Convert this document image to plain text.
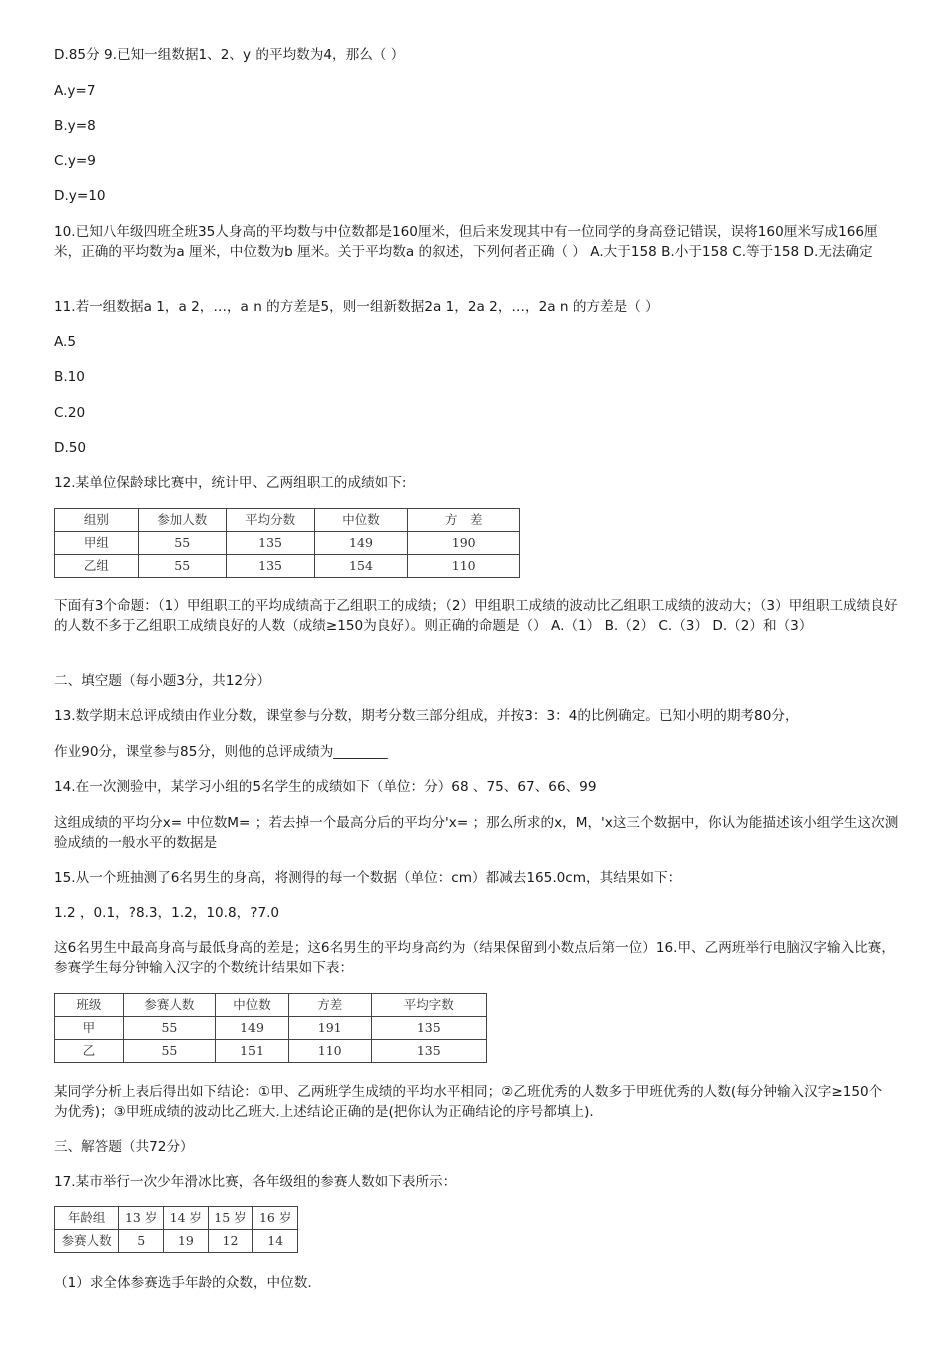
D.85分 9.已知一组数据1、2、y 的平均数为4，那么（ ）

A.y=7

B.y=8

C.y=9

D.y=10

10.已知八年级四班全班35人身高的平均数与中位数都是160厘米，但后来发现其中有一位同学的身高登记错误，误将160厘米写成166厘米，正确的平均数为a 厘米，中位数为b 厘米。关于平均数a 的叙述，下列何者正确（ ） A.大于158 B.小于158 C.等于158 D.无法确定

11.若一组数据a 1，a 2，…，a n 的方差是5，则一组新数据2a 1，2a 2，…，2a n 的方差是（ ）

A.5

B.10

C.20

D.50

12.某单位保龄球比赛中，统计甲、乙两组职工的成绩如下:

组别	参加人数	平均分数	中位数	方　差
甲组	55	135	149	190
乙组	55	135	154	110

下面有3个命题：（1）甲组职工的平均成绩高于乙组职工的成绩；（2）甲组职工成绩的波动比乙组职工成绩的波动大；（3）甲组职工成绩良好的人数不多于乙组职工成绩良好的人数（成绩≥150为良好）。则正确的命题是（） A.（1） B.（2） C.（3） D.（2）和（3）

二、填空题（每小题3分，共12分）

13.数学期末总评成绩由作业分数，课堂参与分数，期考分数三部分组成，并按3：3：4的比例确定。已知小明的期考80分，

作业90分，课堂参与85分，则他的总评成绩为________

14.在一次测验中，某学习小组的5名学生的成绩如下（单位：分）68 、75、67、66、99

这组成绩的平均分x= 中位数M= ；若去掉一个最高分后的平均分'x= ；那么所求的x，M，'x这三个数据中，你认为能描述该小组学生这次测验成绩的一般水平的数据是

15.从一个班抽测了6名男生的身高，将测得的每一个数据（单位：cm）都减去165.0cm，其结果如下：

1.2 ，0.1，?8.3，1.2，10.8，?7.0

这6名男生中最高身高与最低身高的差是；这6名男生的平均身高约为（结果保留到小数点后第一位）16.甲、乙两班举行电脑汉字输入比赛，参赛学生每分钟输入汉字的个数统计结果如下表：

班级	参赛人数	中位数	方差	平均字数
甲	55	149	191	135
乙	55	151	110	135

某同学分析上表后得出如下结论：①甲、乙两班学生成绩的平均水平相同；②乙班优秀的人数多于甲班优秀的人数(每分钟输入汉字≥150个为优秀)；③甲班成绩的波动比乙班大.上述结论正确的是(把你认为正确结论的序号都填上).

三、解答题（共72分）

17.某市举行一次少年滑冰比赛，各年级组的参赛人数如下表所示：

年龄组	13 岁	14 岁	15 岁	16 岁
参赛人数	5	19	12	14

（1）求全体参赛选手年龄的众数，中位数.
